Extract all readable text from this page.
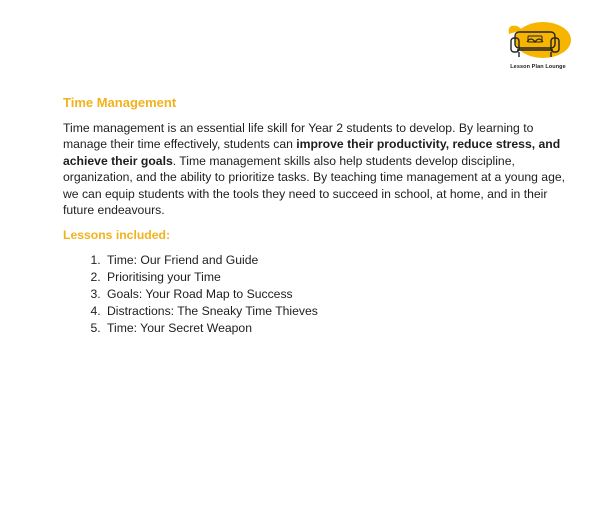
Lesson Plan Lounge
Time Management

Time management is an essential life skill for Year 2 students to develop. By learning to manage their time effectively, students can improve their productivity, reduce stress, and achieve their goals. Time management skills also help students develop discipline, organization, and the ability to prioritize tasks. By teaching time management at a young age, we can equip students with the tools they need to succeed in school, at home, and in their future endeavours.

Lessons included:
1. Time: Our Friend and Guide
2. Prioritising your Time
3. Goals: Your Road Map to Success
4. Distractions: The Sneaky Time Thieves
5. Time: Your Secret Weapon
